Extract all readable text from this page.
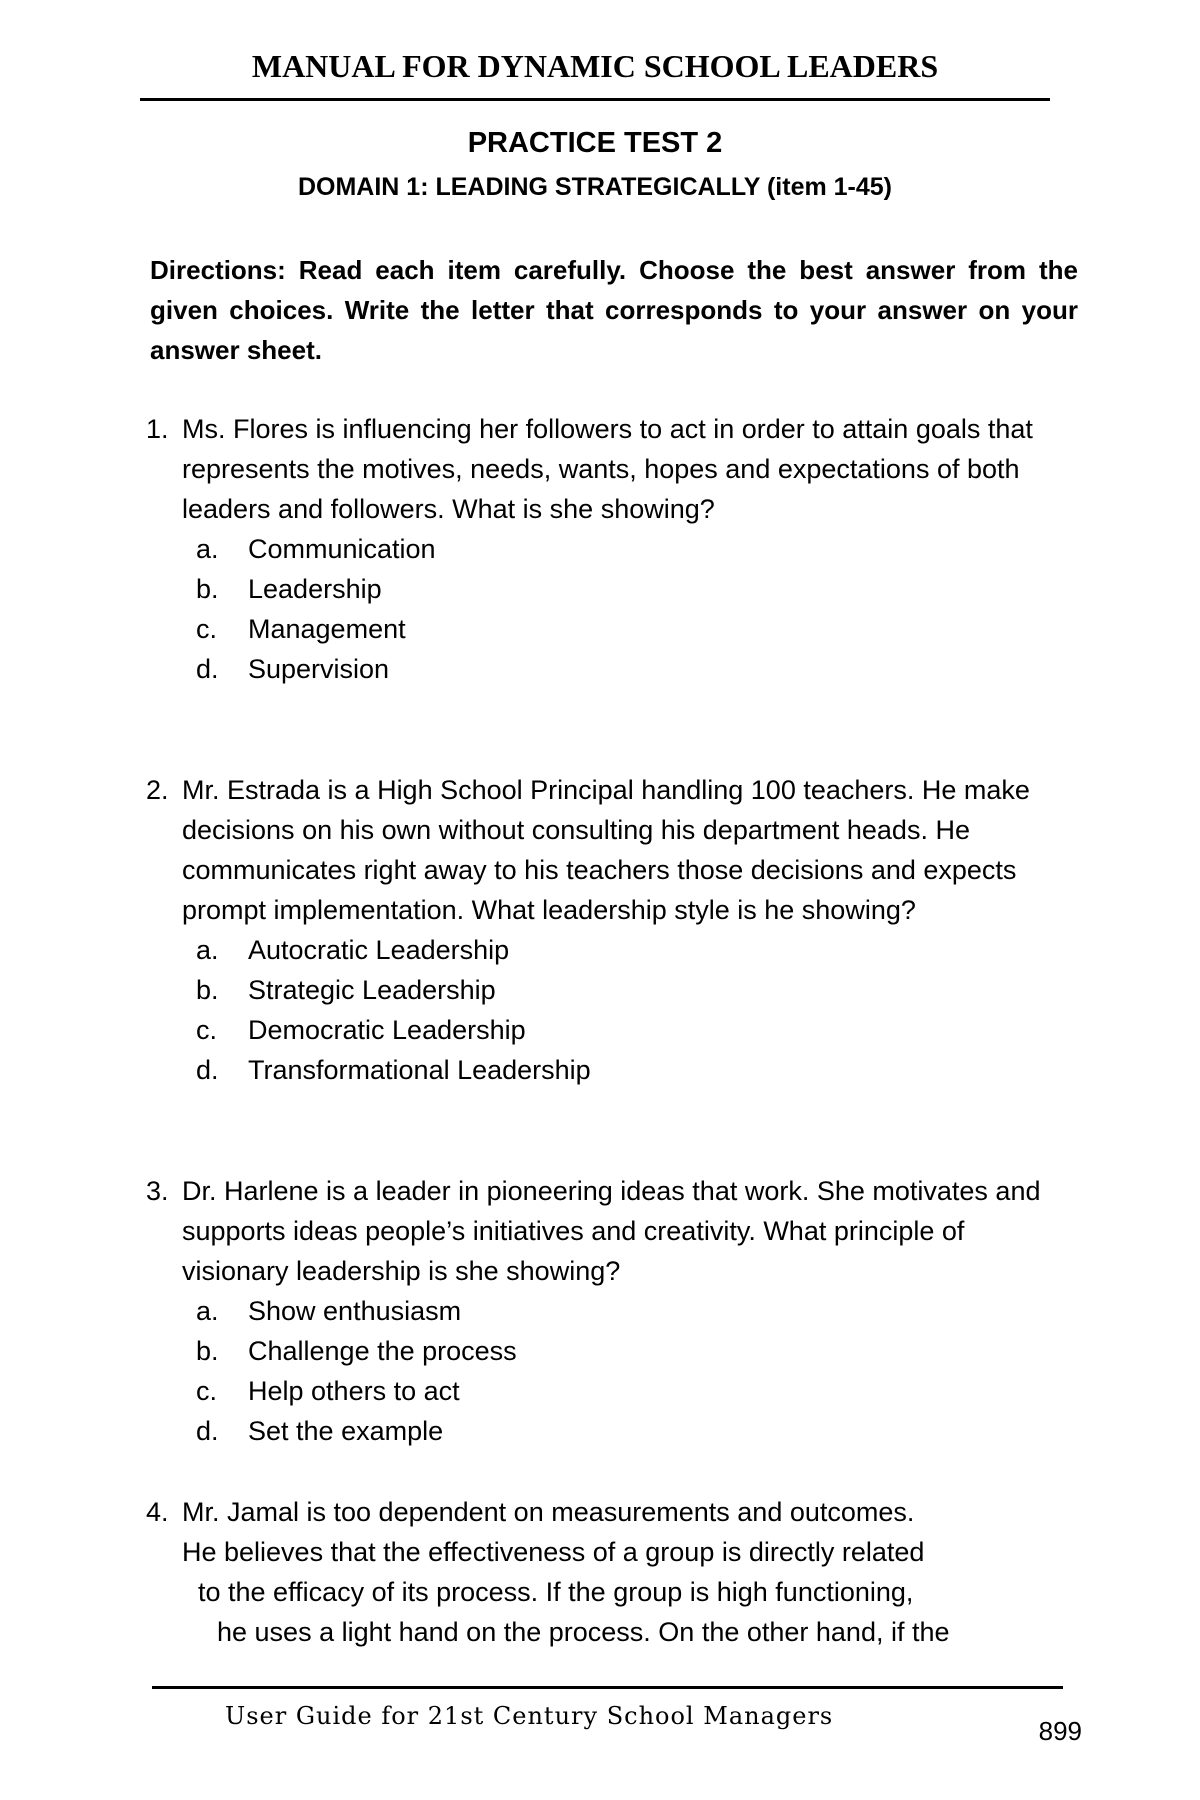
MANUAL FOR DYNAMIC SCHOOL LEADERS
PRACTICE TEST 2
DOMAIN 1: LEADING STRATEGICALLY (item 1-45)

Directions: Read each item carefully. Choose the best answer from the given choices. Write the letter that corresponds to your answer on your answer sheet.

1. Ms. Flores is influencing her followers to act in order to attain goals that represents the motives, needs, wants, hopes and expectations of both leaders and followers. What is she showing?

a.	Communication
b.	Leadership
c.	Management
d.	Supervision

2. Mr. Estrada is a High School Principal handling 100 teachers. He make decisions on his own without consulting his department heads. He communicates right away to his teachers those decisions and expects prompt implementation. What leadership style is he showing?

a.	Autocratic Leadership
b.	Strategic Leadership
c.	Democratic Leadership
d.	Transformational Leadership

3. Dr. Harlene is a leader in pioneering ideas that work. She motivates and supports ideas people’s initiatives and creativity. What principle of visionary leadership is she showing?

a.	Show enthusiasm
b.	Challenge the process
c.	Help others to act
d.	Set the example

4. Mr. Jamal is too dependent on measurements and outcomes.
He believes that the effectiveness of a group is directly related
to the efficacy of its process. If the group is high functioning,
he uses a light hand on the process. On the other hand, if the

User Guide for 21st Century School Managers	899
